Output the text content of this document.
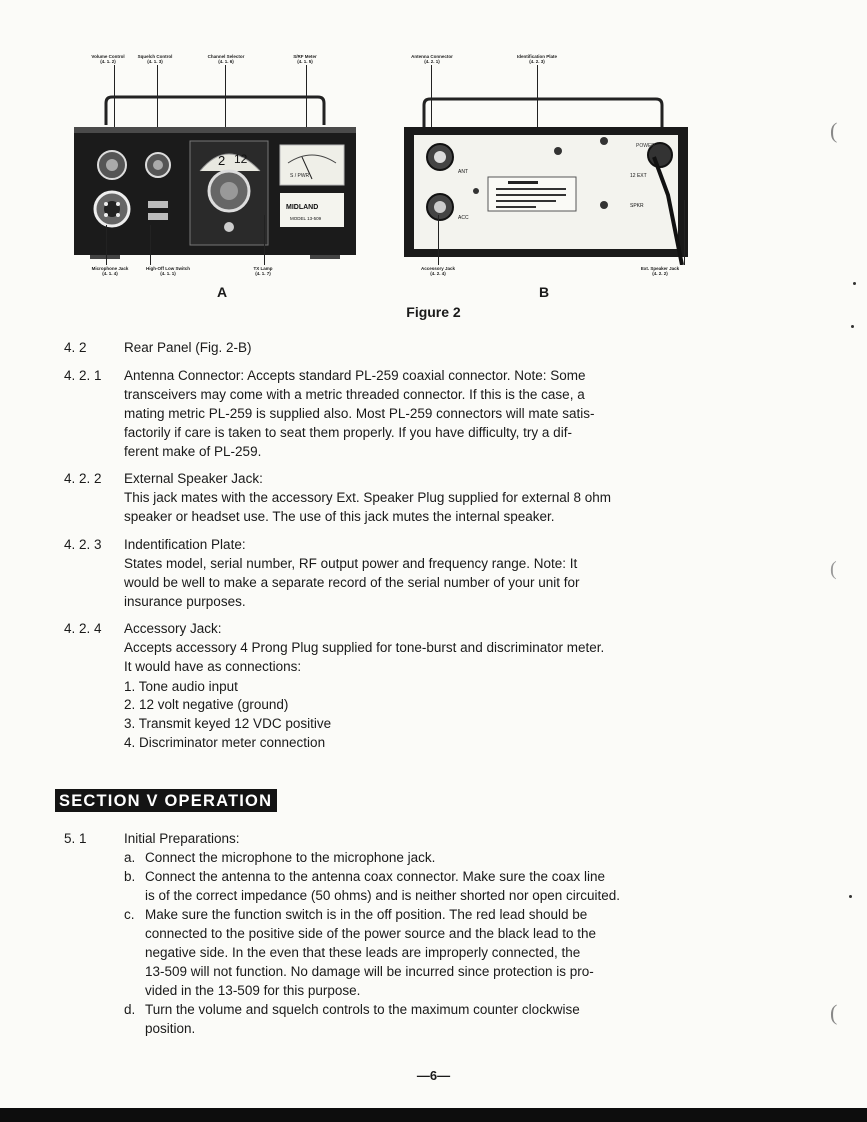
Volume Control
(4. 1. 2)
Squelch Control
(4. 1. 3)
Channel Selector
(4. 1. 6)
S/RF Meter
(4. 1. 5)
2 12
S / PWR
MIDLAND
MODEL 13-509
Microphone Jack
(4. 1. 4)
High-Off Low Switch
(4. 1. 1)
TX Lamp
(4. 1. 7)
A
Antenna Connector
(4. 2. 1)
Identification Plate
(4. 2. 3)
ANT
ACC
POWER
12 EXT
SPKR
Accessory Jack
(4. 2. 4)
Ext. Speaker Jack
(4. 2. 2)
B
Figure 2
4. 2	Rear Panel (Fig. 2-B)
4. 2. 1 Antenna Connector: Accepts standard PL-259 coaxial connector. Note: Some
transceivers may come with a metric threaded connector. If this is the case, a
mating metric PL-259 is supplied also. Most PL-259 connectors will mate satis-
factorily if care is taken to seat them properly. If you have difficulty, try a dif-
ferent make of PL-259.
4. 2. 2 External Speaker Jack:
This jack mates with the accessory Ext. Speaker Plug supplied for external 8 ohm
speaker or headset use. The use of this jack mutes the internal speaker.
4. 2. 3 Indentification Plate:
States model, serial number, RF output power and frequency range. Note: It
would be well to make a separate record of the serial number of your unit for
insurance purposes.
4. 2. 4 Accessory Jack:
Accepts accessory 4 Prong Plug supplied for tone-burst and discriminator meter.
It would have as connections:
1. Tone audio input
2. 12 volt negative (ground)
3. Transmit keyed 12 VDC positive
4. Discriminator meter connection
SECTION V OPERATION
5. 1	Initial Preparations:
a. Connect the microphone to the microphone jack.
b. Connect the antenna to the antenna coax connector. Make sure the coax line
is of the correct impedance (50 ohms) and is neither shorted nor open circuited.
c. Make sure the function switch is in the off position. The red lead should be
connected to the positive side of the power source and the black lead to the
negative side. In the even that these leads are improperly connected, the
13-509 will not function. No damage will be incurred since protection is pro-
vided in the 13-509 for this purpose.
d. Turn the volume and squelch controls to the maximum counter clockwise
position.
—6—
(
(
(
